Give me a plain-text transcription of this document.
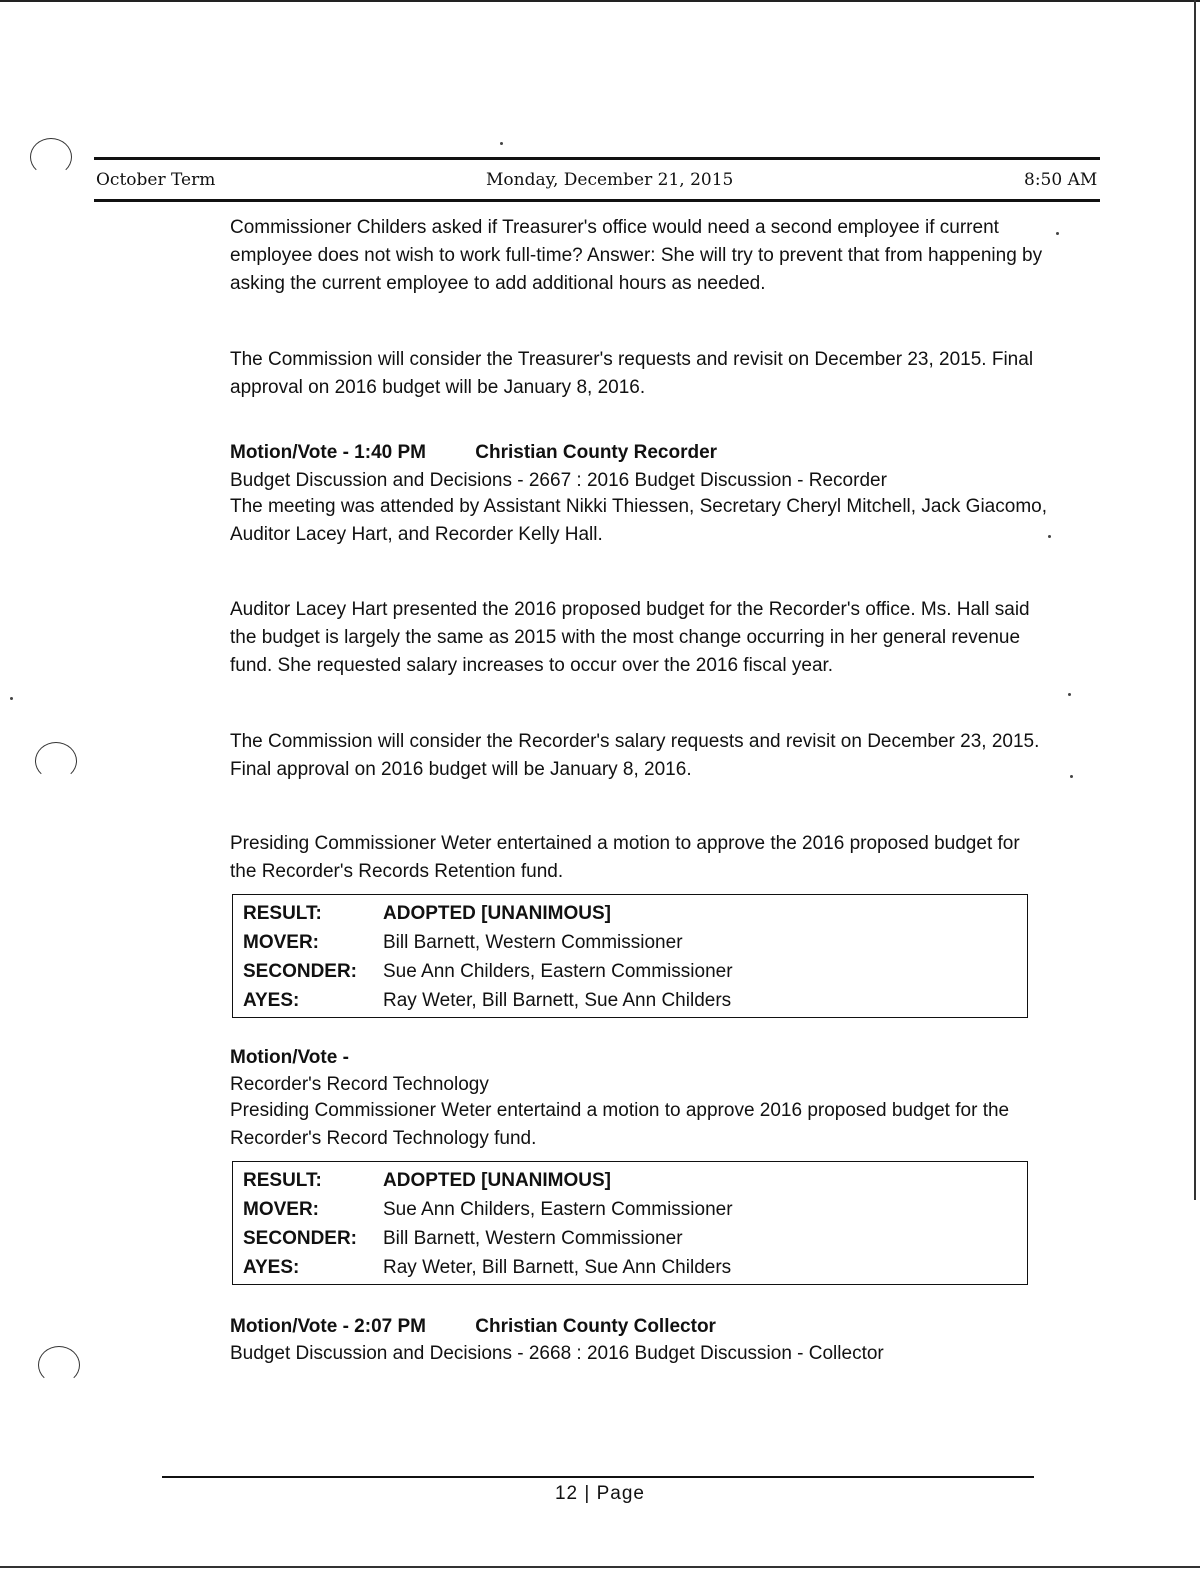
October Term	Monday, December 21, 2015	8:50 AM

Commissioner Childers asked if Treasurer's office would need a second employee if current employee does not wish to work full-time? Answer: She will try to prevent that from happening by asking the current employee to add additional hours as needed.

The Commission will consider the Treasurer's requests and revisit on December 23, 2015. Final approval on 2016 budget will be January 8, 2016.

Motion/Vote - 1:40 PM	Christian County Recorder

Budget Discussion and Decisions - 2667 : 2016 Budget Discussion - Recorder

The meeting was attended by Assistant Nikki Thiessen, Secretary Cheryl Mitchell, Jack Giacomo, Auditor Lacey Hart, and Recorder Kelly Hall.

Auditor Lacey Hart presented the 2016 proposed budget for the Recorder's office. Ms. Hall said the budget is largely the same as 2015 with the most change occurring in her general revenue fund. She requested salary increases to occur over the 2016 fiscal year.

The Commission will consider the Recorder's salary requests and revisit on December 23, 2015. Final approval on 2016 budget will be January 8, 2016.

Presiding Commissioner Weter entertained a motion to approve the 2016 proposed budget for the Recorder's Records Retention fund.

RESULT:	ADOPTED [UNANIMOUS]
MOVER:	Bill Barnett, Western Commissioner
SECONDER:	Sue Ann Childers, Eastern Commissioner
AYES:	Ray Weter, Bill Barnett, Sue Ann Childers

Motion/Vote -

Recorder's Record Technology

Presiding Commissioner Weter entertaind a motion to approve 2016 proposed budget for the Recorder's Record Technology fund.

RESULT:	ADOPTED [UNANIMOUS]
MOVER:	Sue Ann Childers, Eastern Commissioner
SECONDER:	Bill Barnett, Western Commissioner
AYES:	Ray Weter, Bill Barnett, Sue Ann Childers
Motion/Vote - 2:07 PM	Christian County Collector

Budget Discussion and Decisions - 2668 : 2016 Budget Discussion - Collector

12 | Page
